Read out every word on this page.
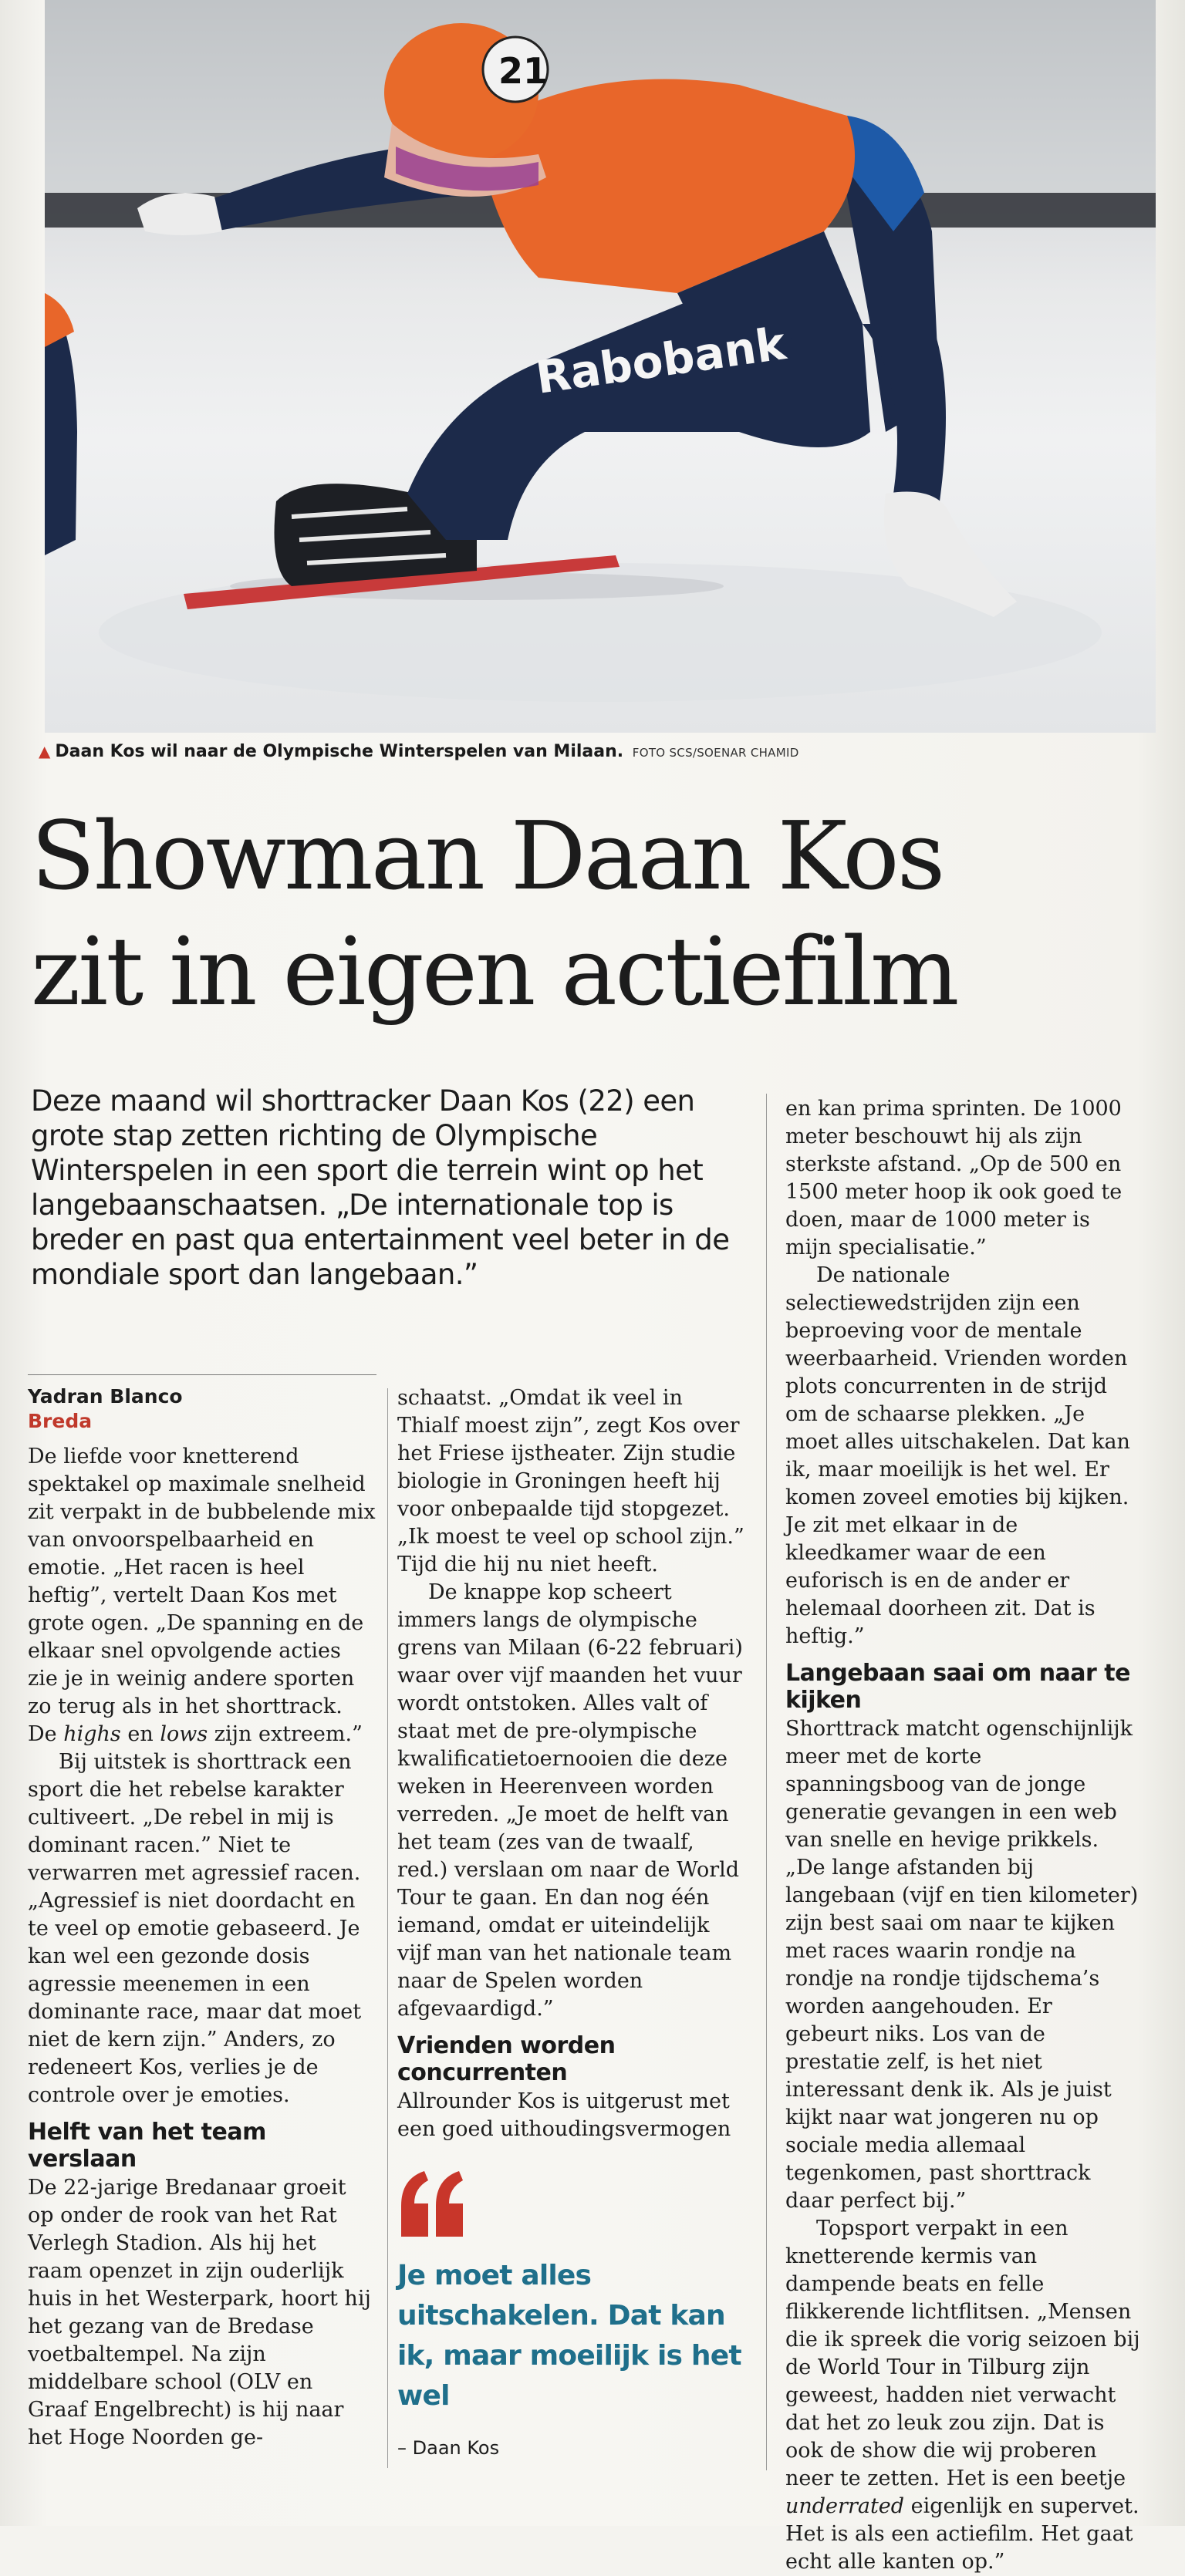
Rabobank
21
▲ Daan Kos wil naar de Olympische Winterspelen van Milaan. FOTO SCS/SOENAR CHAMID
Showman Daan Kos
zit in eigen actiefilm
Deze maand wil shorttracker Daan Kos (22) een grote stap zetten richting de Olympische Winterspelen in een sport die terrein wint op het langebaanschaatsen. „De internationale top is breder en past qua entertainment veel beter in de mondiale sport dan langebaan.”
Yadran Blanco
Breda

De liefde voor knetterend spektakel op maximale snelheid zit verpakt in de bubbelende mix van onvoorspelbaarheid en emotie. „Het racen is heel heftig”, vertelt Daan Kos met grote ogen. „De spanning en de elkaar snel opvolgende acties zie je in weinig andere sporten zo terug als in het shorttrack. De highs en lows zijn extreem.”

Bij uitstek is shorttrack een sport die het rebelse karakter cultiveert. „De rebel in mij is dominant racen.” Niet te verwarren met agressief racen. „Agressief is niet doordacht en te veel op emotie gebaseerd. Je kan wel een gezonde dosis agressie meenemen in een dominante race, maar dat moet niet de kern zijn.” Anders, zo redeneert Kos, verlies je de controle over je emoties.

Helft van het team verslaan

De 22-jarige Bredanaar groeit op onder de rook van het Rat Verlegh Stadion. Als hij het raam openzet in zijn ouderlijk huis in het Westerpark, hoort hij het gezang van de Bredase voetbaltempel. Na zijn middelbare school (OLV en Graaf Engelbrecht) is hij naar het Hoge Noorden ge-

schaatst. „Omdat ik veel in Thialf moest zijn”, zegt Kos over het Friese ijstheater. Zijn studie biologie in Groningen heeft hij voor onbepaalde tijd stopgezet. „Ik moest te veel op school zijn.” Tijd die hij nu niet heeft.

De knappe kop scheert immers langs de olympische grens van Milaan (6-22 februari) waar over vijf maanden het vuur wordt ontstoken. Alles valt of staat met de pre-olympische kwalificatietoernooien die deze weken in Heerenveen worden verreden. „Je moet de helft van het team (zes van de twaalf, red.) verslaan om naar de World Tour te gaan. En dan nog één iemand, omdat er uiteindelijk vijf man van het nationale team naar de Spelen worden afgevaardigd.”

Vrienden worden concurrenten

Allrounder Kos is uitgerust met een goed uithoudingsvermogen

Je moet alles uitschakelen. Dat kan ik, maar moeilijk is het wel
– Daan Kos

en kan prima sprinten. De 1000 meter beschouwt hij als zijn sterkste afstand. „Op de 500 en 1500 meter hoop ik ook goed te doen, maar de 1000 meter is mijn specialisatie.”

De nationale selectiewedstrijden zijn een beproeving voor de mentale weerbaarheid. Vrienden worden plots concurrenten in de strijd om de schaarse plekken. „Je moet alles uitschakelen. Dat kan ik, maar moeilijk is het wel. Er komen zoveel emoties bij kijken. Je zit met elkaar in de kleedkamer waar de een euforisch is en de ander er helemaal doorheen zit. Dat is heftig.”

Langebaan saai om naar te kijken

Shorttrack matcht ogenschijnlijk meer met de korte spanningsboog van de jonge generatie gevangen in een web van snelle en hevige prikkels. „De lange afstanden bij langebaan (vijf en tien kilometer) zijn best saai om naar te kijken met races waarin rondje na rondje na rondje tijdschema’s worden aangehouden. Er gebeurt niks. Los van de prestatie zelf, is het niet interessant denk ik. Als je juist kijkt naar wat jongeren nu op sociale media allemaal tegenkomen, past shorttrack daar perfect bij.”

Topsport verpakt in een knetterende kermis van dampende beats en felle flikkerende lichtflitsen. „Mensen die ik spreek die vorig seizoen bij de World Tour in Tilburg zijn geweest, hadden niet verwacht dat het zo leuk zou zijn. Dat is ook de show die wij proberen neer te zetten. Het is een beetje underrated eigenlijk en supervet. Het is als een actiefilm. Het gaat echt alle kanten op.”
